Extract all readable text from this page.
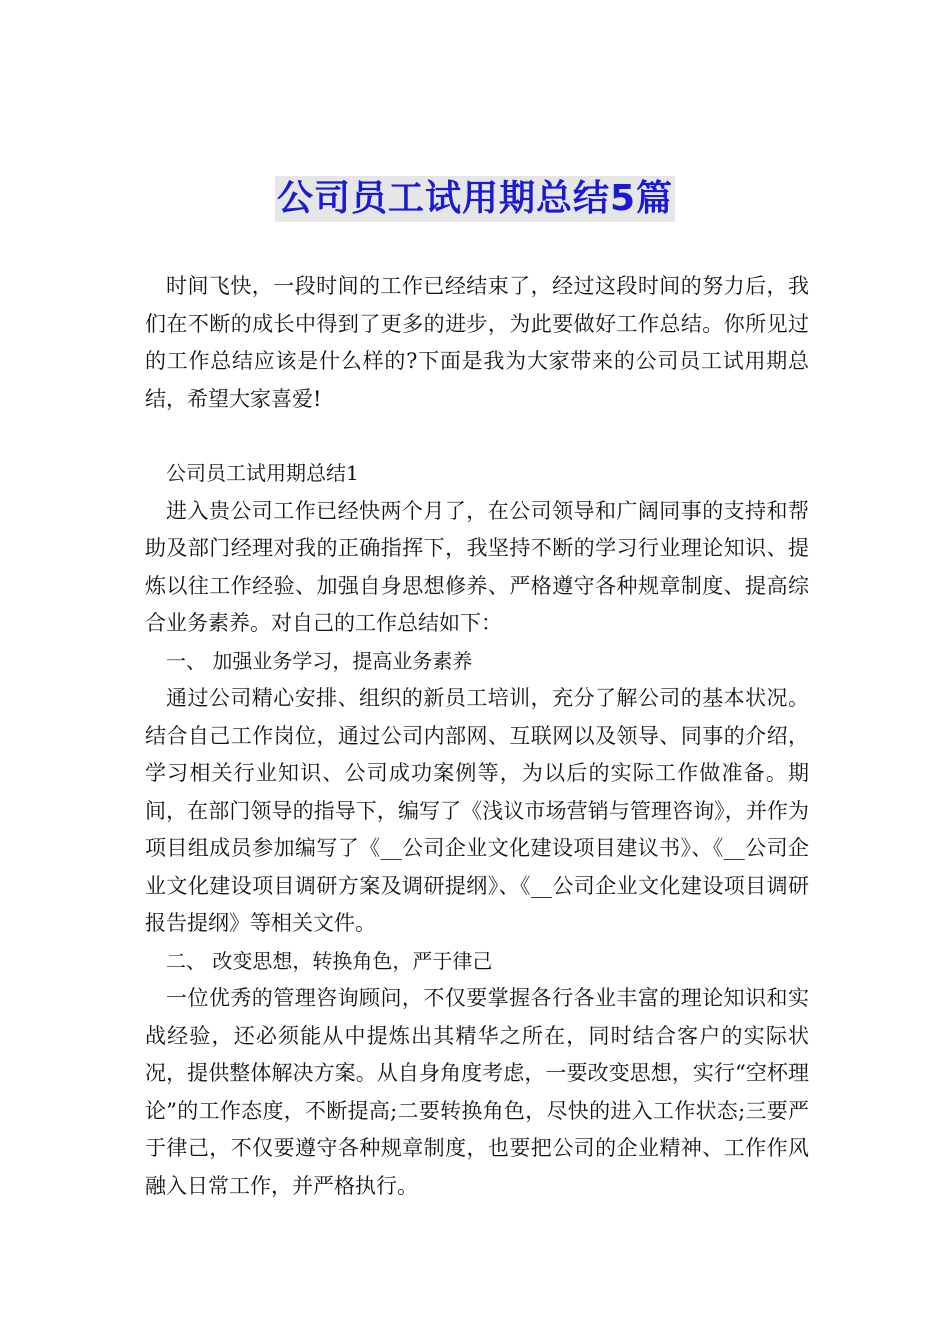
公司员工试用期总结5篇

时间飞快，一段时间的工作已经结束了，经过这段时间的努力后，我们在不断的成长中得到了更多的进步，为此要做好工作总结。你所见过的工作总结应该是什么样的?下面是我为大家带来的公司员工试用期总结，希望大家喜爱!

公司员工试用期总结1

进入贵公司工作已经快两个月了，在公司领导和广阔同事的支持和帮助及部门经理对我的正确指挥下，我坚持不断的学习行业理论知识、提炼以往工作经验、加强自身思想修养、严格遵守各种规章制度、提高综合业务素养。对自己的工作总结如下：

一、 加强业务学习，提高业务素养

通过公司精心安排、组织的新员工培训，充分了解公司的基本状况。结合自己工作岗位，通过公司内部网、互联网以及领导、同事的介绍，学习相关行业知识、公司成功案例等，为以后的实际工作做准备。期间，在部门领导的指导下，编写了《浅议市场营销与管理咨询》，并作为项目组成员参加编写了《__公司企业文化建设项目建议书》、《__公司企业文化建设项目调研方案及调研提纲》、《__公司企业文化建设项目调研报告提纲》等相关文件。

二、 改变思想，转换角色，严于律己

一位优秀的管理咨询顾问，不仅要掌握各行各业丰富的理论知识和实战经验，还必须能从中提炼出其精华之所在，同时结合客户的实际状况，提供整体解决方案。从自身角度考虑，一要改变思想，实行“空杯理论”的工作态度，不断提高;二要转换角色，尽快的进入工作状态;三要严于律己，不仅要遵守各种规章制度，也要把公司的企业精神、工作作风融入日常工作，并严格执行。
